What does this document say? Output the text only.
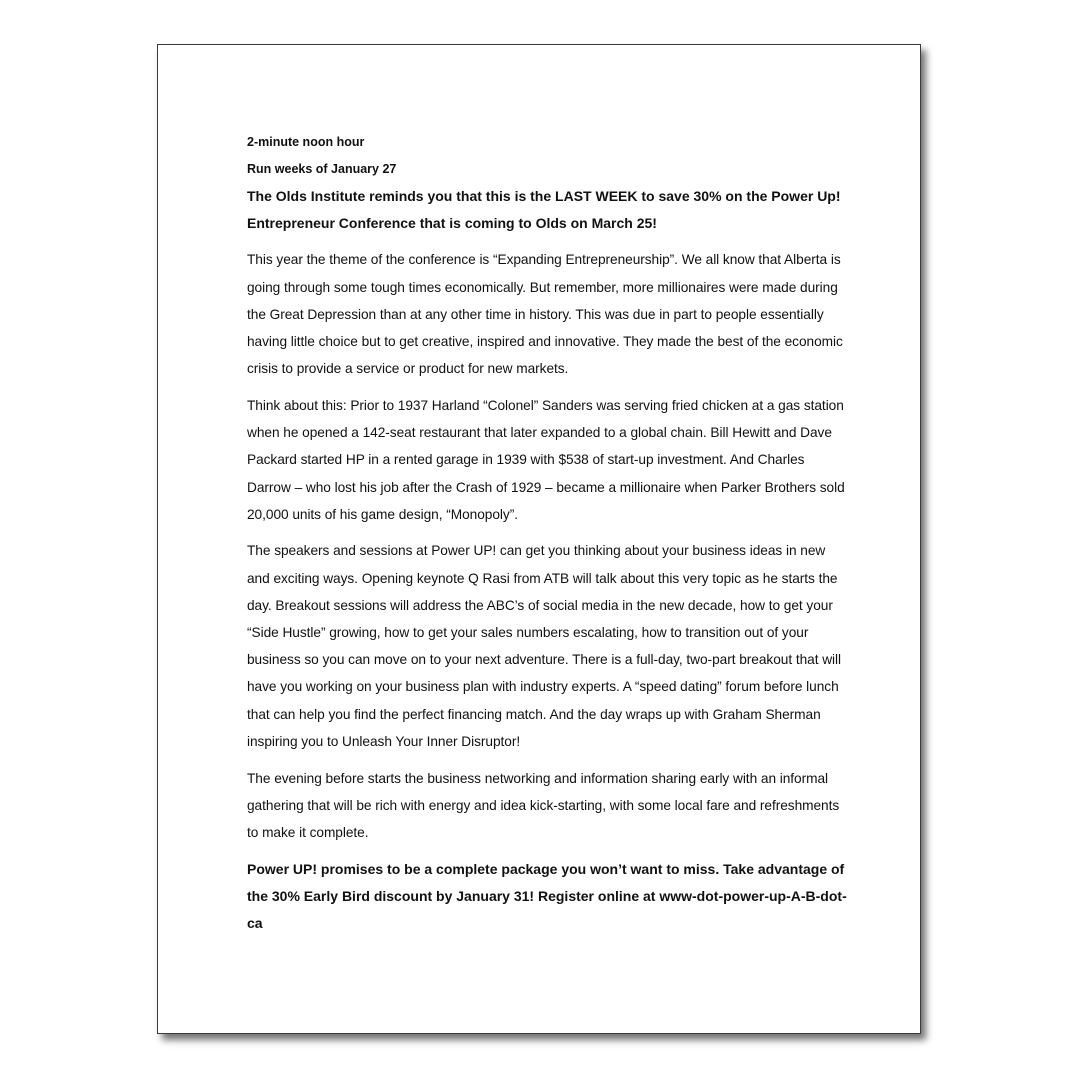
2-minute noon hour

Run weeks of January 27

The Olds Institute reminds you that this is the LAST WEEK to save 30% on the Power Up! Entrepreneur Conference that is coming to Olds on March 25!

This year the theme of the conference is “Expanding Entrepreneurship”. We all know that Alberta is going through some tough times economically. But remember, more millionaires were made during the Great Depression than at any other time in history. This was due in part to people essentially having little choice but to get creative, inspired and innovative. They made the best of the economic crisis to provide a service or product for new markets.

Think about this: Prior to 1937 Harland “Colonel” Sanders was serving fried chicken at a gas station when he opened a 142-seat restaurant that later expanded to a global chain. Bill Hewitt and Dave Packard started HP in a rented garage in 1939 with $538 of start-up investment. And Charles Darrow – who lost his job after the Crash of 1929 – became a millionaire when Parker Brothers sold 20,000 units of his game design, “Monopoly”.

The speakers and sessions at Power UP! can get you thinking about your business ideas in new and exciting ways. Opening keynote Q Rasi from ATB will talk about this very topic as he starts the day. Breakout sessions will address the ABC’s of social media in the new decade, how to get your “Side Hustle” growing, how to get your sales numbers escalating, how to transition out of your business so you can move on to your next adventure. There is a full-day, two-part breakout that will have you working on your business plan with industry experts. A “speed dating” forum before lunch that can help you find the perfect financing match. And the day wraps up with Graham Sherman inspiring you to Unleash Your Inner Disruptor!

The evening before starts the business networking and information sharing early with an informal gathering that will be rich with energy and idea kick-starting, with some local fare and refreshments to make it complete.

Power UP! promises to be a complete package you won’t want to miss. Take advantage of the 30% Early Bird discount by January 31! Register online at www-dot-power-up-A-B-dot-ca
